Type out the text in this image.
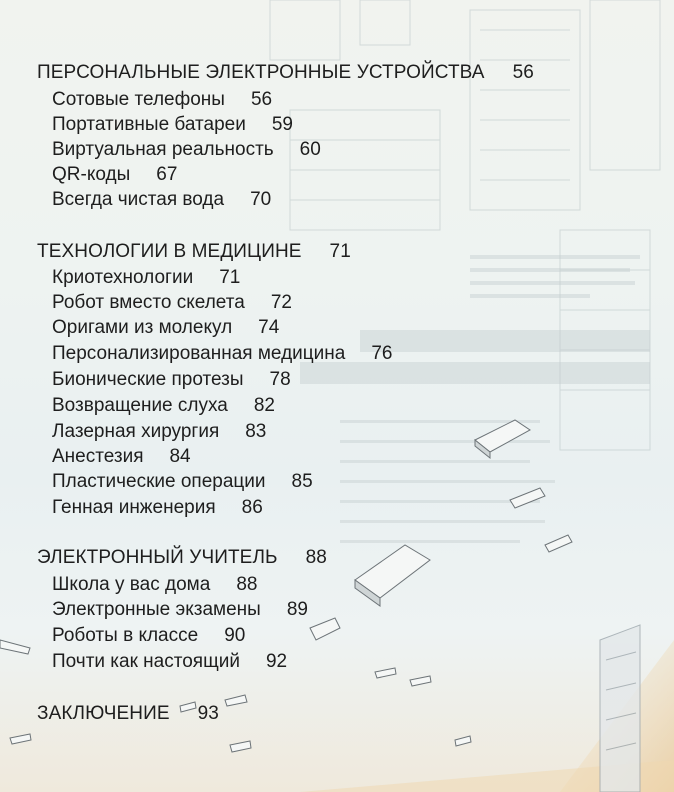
ПЕРСОНАЛЬНЫЕ ЭЛЕКТРОННЫЕ УСТРОЙСТВА 56
Сотовые телефоны 56
Портативные батареи 59
Виртуальная реальность 60
QR-коды 67
Всегда чистая вода 70
ТЕХНОЛОГИИ В МЕДИЦИНЕ 71
Криотехнологии 71
Робот вместо скелета 72
Оригами из молекул 74
Персонализированная медицина 76
Бионические протезы 78
Возвращение слуха 82
Лазерная хирургия 83
Анестезия 84
Пластические операции 85
Генная инженерия 86
ЭЛЕКТРОННЫЙ УЧИТЕЛЬ 88
Школа у вас дома 88
Электронные экзамены 89
Роботы в классе 90
Почти как настоящий 92
ЗАКЛЮЧЕНИЕ 93
